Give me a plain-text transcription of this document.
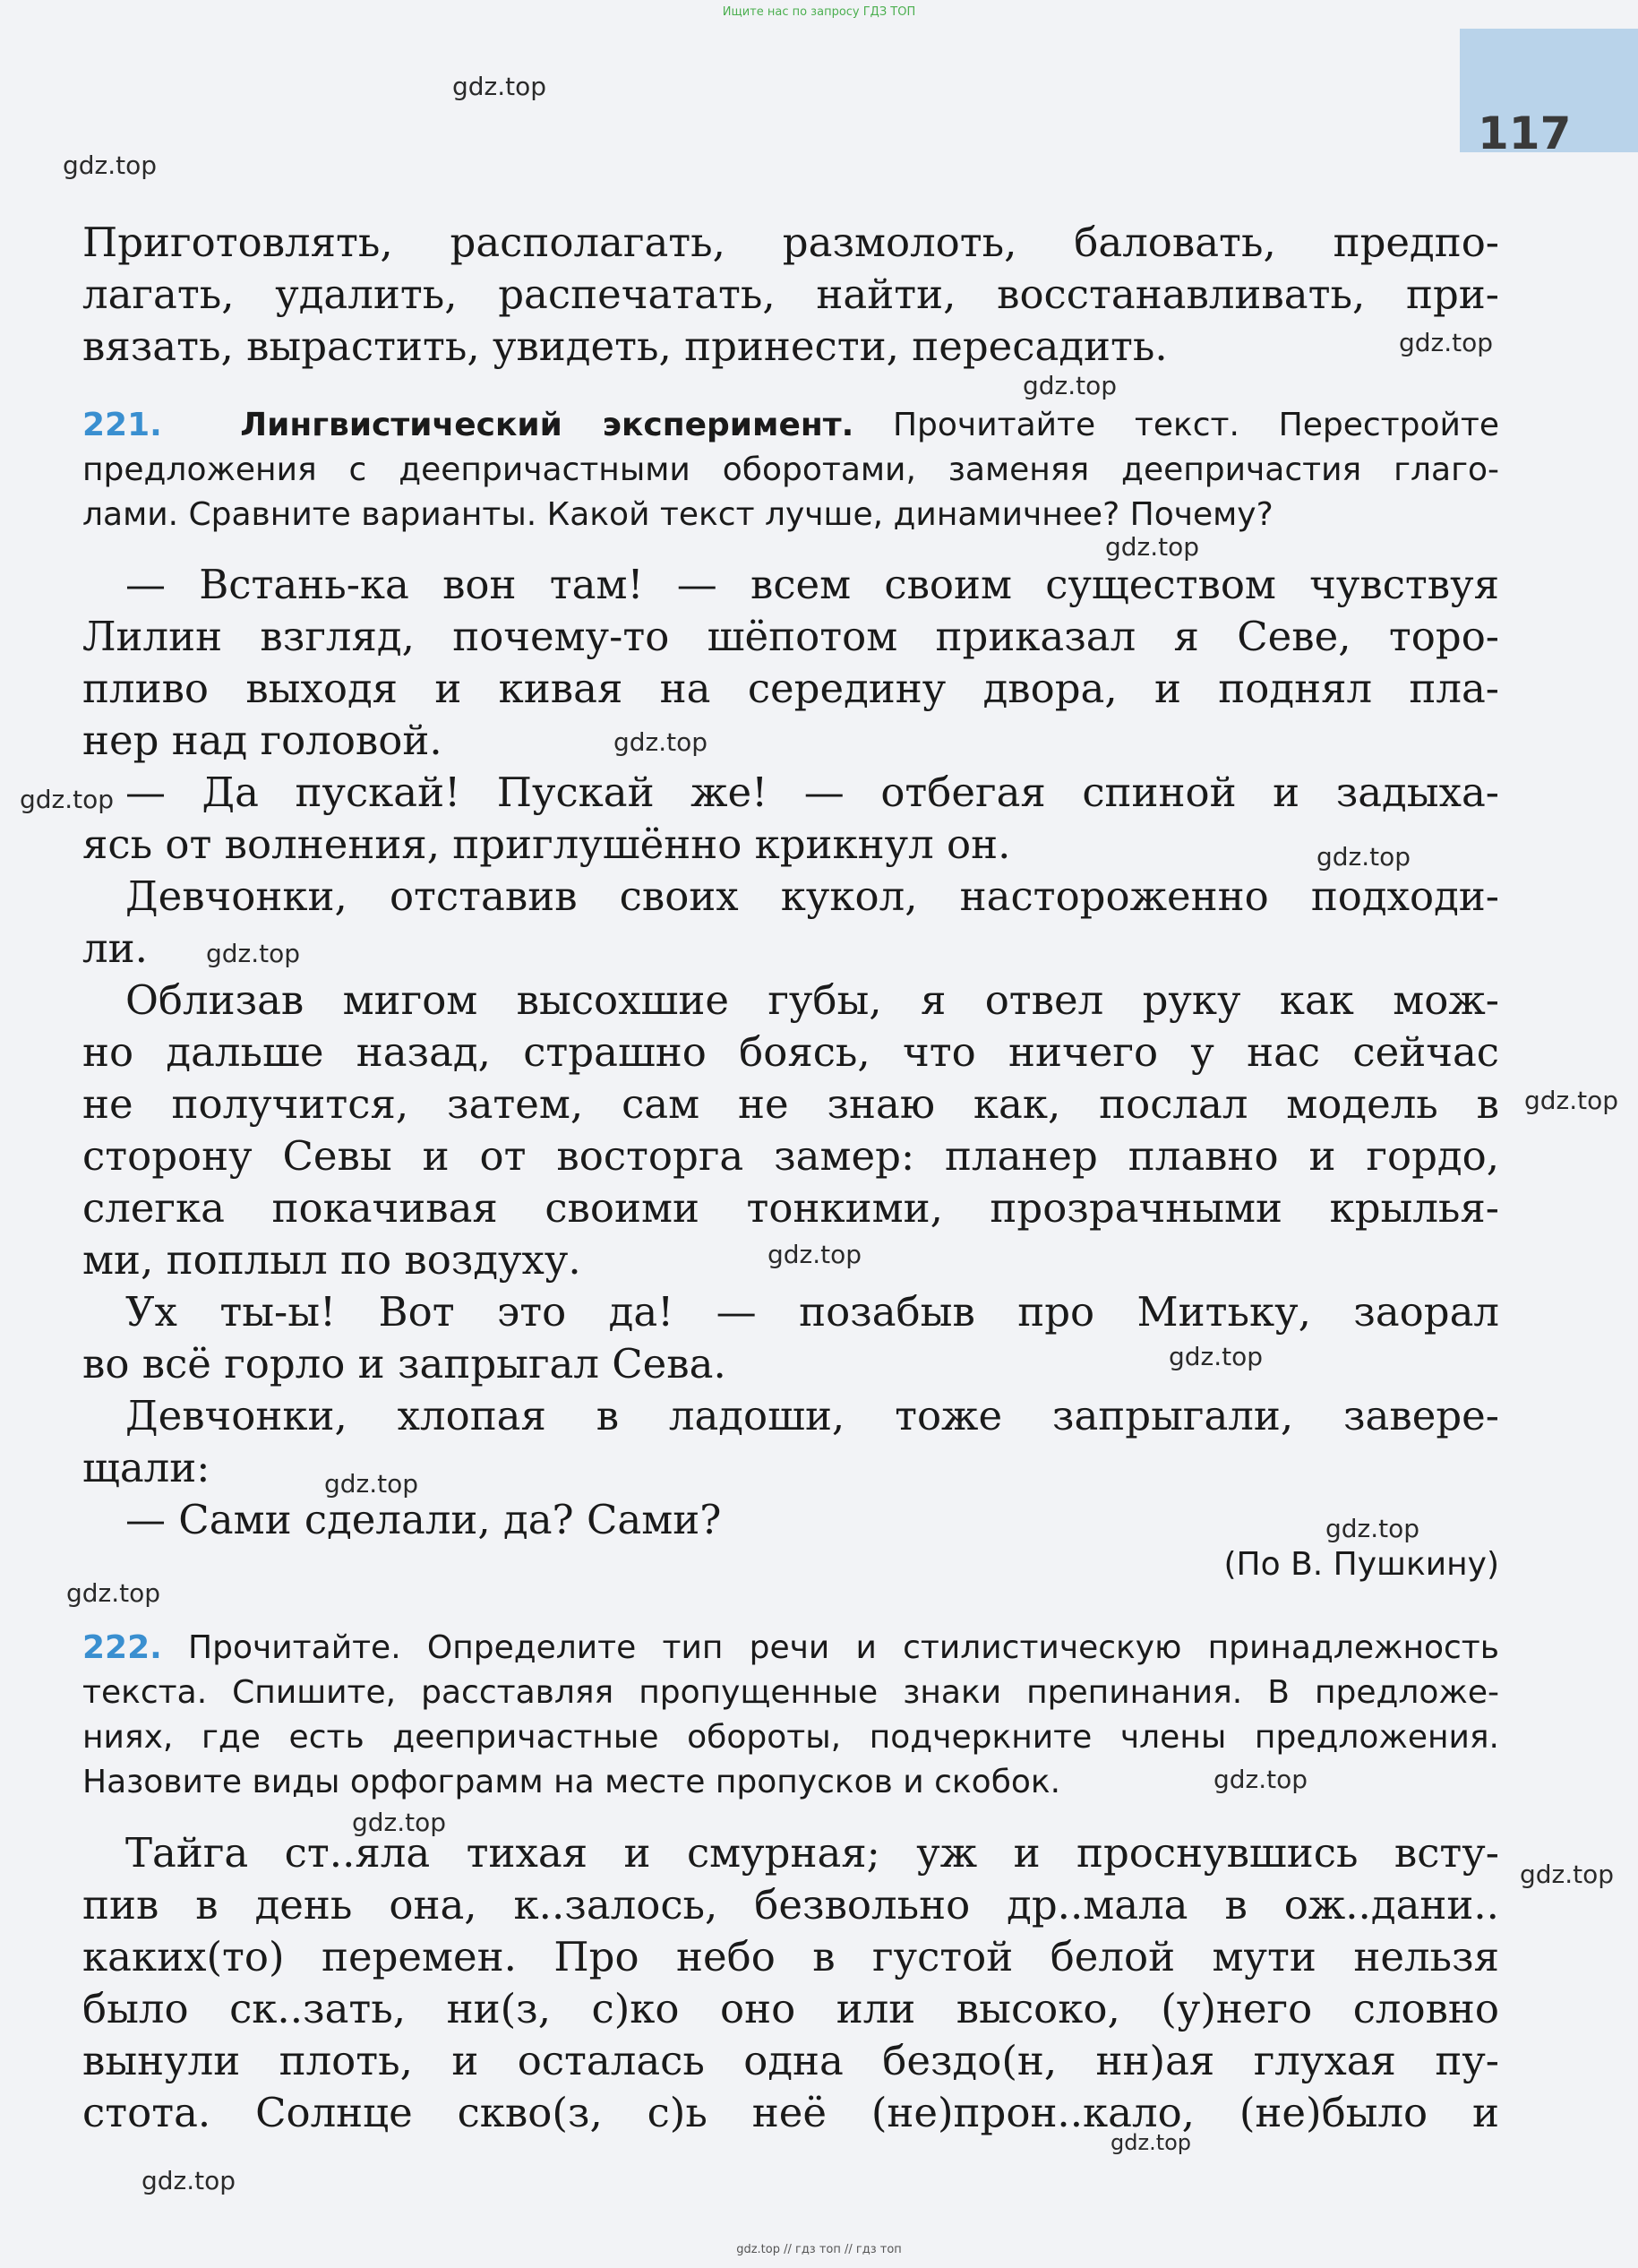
117
Ищите нас по запросу ГДЗ ТОП
Приготовлять, располагать, размолоть, баловать, предпо-
лагать, удалить, распечатать, найти, восстанавливать, при-
вязать, вырастить, увидеть, принести, пересадить.
221. Лингвистический эксперимент. Прочитайте текст. Перестройте
предложения с деепричастными оборотами, заменяя деепричастия глаго-
лами. Сравните варианты. Какой текст лучше, динамичнее? Почему?
— Встань-ка вон там! — всем своим существом чувствуя
Лилин взгляд, почему-то шёпотом приказал я Севе, торо-
пливо выходя и кивая на середину двора, и поднял пла-
нер над головой.
— Да пускай! Пускай же! — отбегая спиной и задыха-
ясь от волнения, приглушённо крикнул он.
Девчонки, отставив своих кукол, настороженно подходи-
ли.
Облизав мигом высохшие губы, я отвел руку как мож-
но дальше назад, страшно боясь, что ничего у нас сейчас
не получится, затем, сам не знаю как, послал модель в
сторону Севы и от восторга замер: планер плавно и гордо,
слегка покачивая своими тонкими, прозрачными крылья-
ми, поплыл по воздуху.
Ух ты-ы! Вот это да! — позабыв про Митьку, заорал
во всё горло и запрыгал Сева.
Девчонки, хлопая в ладоши, тоже запрыгали, завере-
щали:
— Сами сделали, да? Сами?
(По В. Пушкину)
222. Прочитайте. Определите тип речи и стилистическую принадлежность
текста. Спишите, расставляя пропущенные знаки препинания. В предложе-
ниях, где есть деепричастные обороты, подчеркните члены предложения.
Назовите виды орфограмм на месте пропусков и скобок.
Тайга ст..яла тихая и смурная; уж и проснувшись всту-
пив в день она, к..залось, безвольно др..мала в ож..дани..
каких(то) перемен. Про небо в густой белой мути нельзя
было ск..зать, ни(з, с)ко оно или высоко, (у)него словно
вынули плоть, и осталась одна бездо(н, нн)ая глухая пу-
стота. Солнце скво(з, с)ь неё (не)прон..кало, (не)было и
gdz.top
gdz.top
gdz.top
gdz.top
gdz.top
gdz.top
gdz.top
gdz.top
gdz.top
gdz.top
gdz.top
gdz.top
gdz.top
gdz.top
gdz.top
gdz.top
gdz.top
gdz.top
gdz.top
gdz.top
gdz.top // гдз топ // гдз топ
